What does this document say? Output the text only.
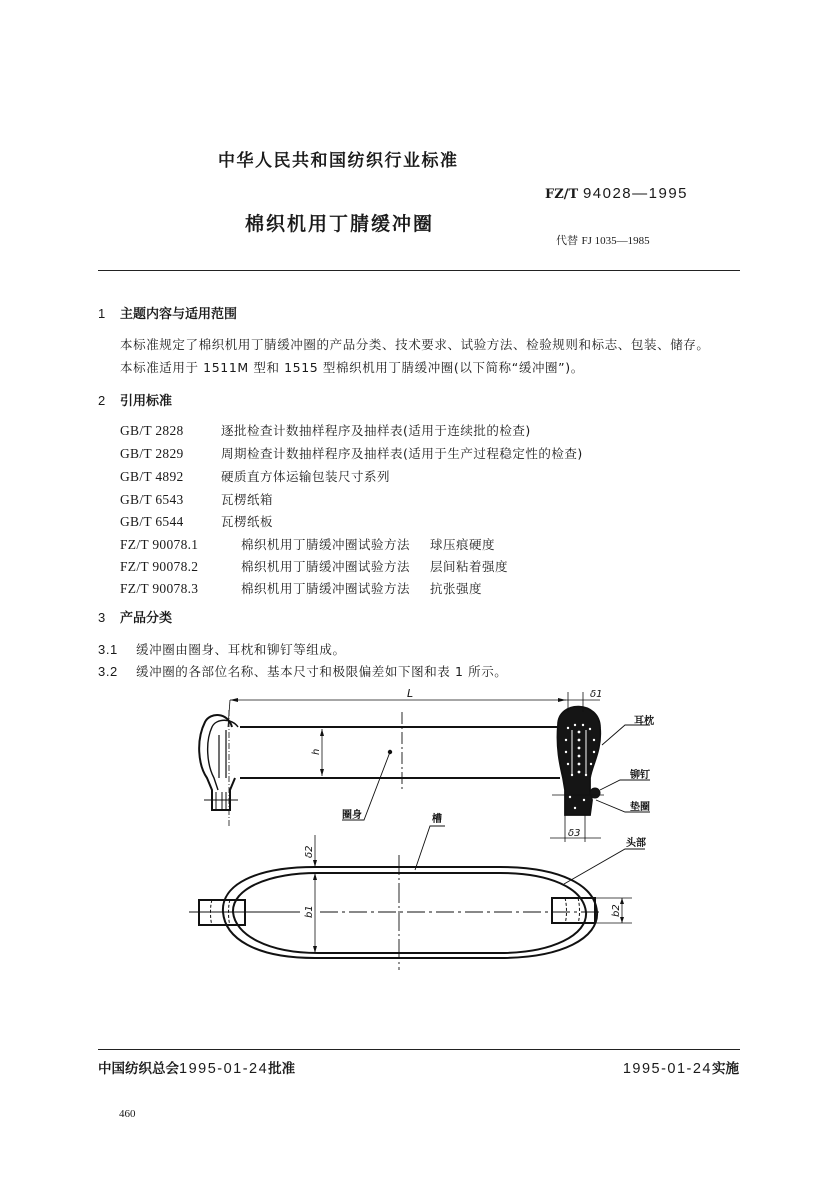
中华人民共和国纺织行业标准
FZ/T 94028—1995
棉织机用丁腈缓冲圈
代替 FJ 1035—1985
1 主题内容与适用范围
本标准规定了棉织机用丁腈缓冲圈的产品分类、技术要求、试验方法、检验规则和标志、包装、储存。
本标准适用于 1511M 型和 1515 型棉织机用丁腈缓冲圈(以下简称“缓冲圈”)。
2 引用标准
GB/T 2828	逐批检查计数抽样程序及抽样表(适用于连续批的检查)
GB/T 2829	周期检查计数抽样程序及抽样表(适用于生产过程稳定性的检查)
GB/T 4892	硬质直方体运输包装尺寸系列
GB/T 6543	瓦楞纸箱
GB/T 6544	瓦楞纸板
FZ/T 90078.1	棉织机用丁腈缓冲圈试验方法 球压痕硬度
FZ/T 90078.2	棉织机用丁腈缓冲圈试验方法 层间粘着强度
FZ/T 90078.3	棉织机用丁腈缓冲圈试验方法 抗张强度
3 产品分类
3.1 缓冲圈由圈身、耳枕和铆钉等组成。
3.2 缓冲圈的各部位名称、基本尺寸和极限偏差如下图和表 1 所示。
L	δ1
h
δ3
δ2
b1	b2
耳枕
铆钉
垫圈
圈身	槽
头部
中国纺织总会1995-01-24批准	1995-01-24实施
460
